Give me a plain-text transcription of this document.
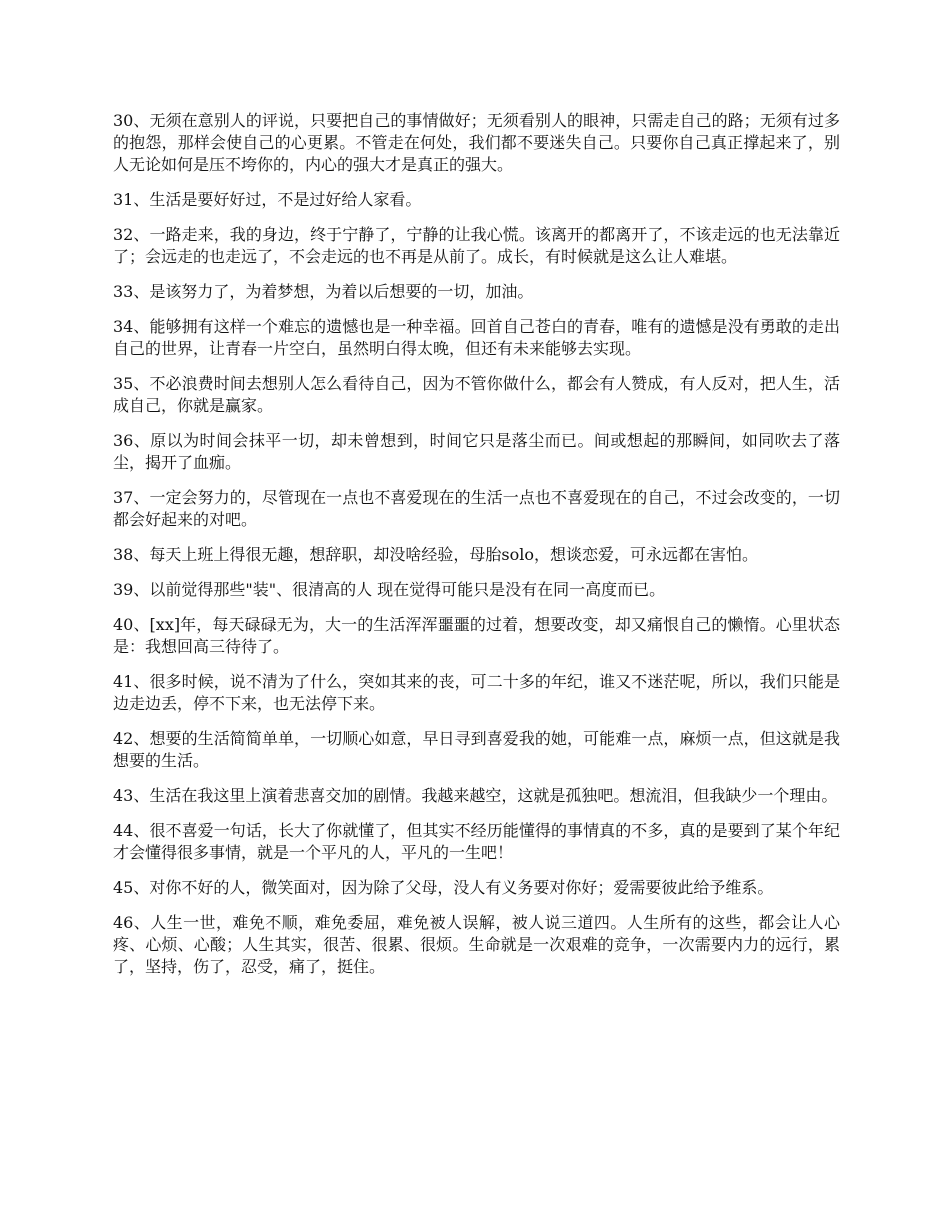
30、无须在意别人的评说，只要把自己的事情做好；无须看别人的眼神，只需走自己的路；无须有过多的抱怨，那样会使自己的心更累。不管走在何处，我们都不要迷失自己。只要你自己真正撑起来了，别人无论如何是压不垮你的，内心的强大才是真正的强大。

31、生活是要好好过，不是过好给人家看。

32、一路走来，我的身边，终于宁静了，宁静的让我心慌。该离开的都离开了，不该走远的也无法靠近了；会远走的也走远了，不会走远的也不再是从前了。成长，有时候就是这么让人难堪。

33、是该努力了，为着梦想，为着以后想要的一切，加油。

34、能够拥有这样一个难忘的遗憾也是一种幸福。回首自己苍白的青春，唯有的遗憾是没有勇敢的走出自己的世界，让青春一片空白，虽然明白得太晚，但还有未来能够去实现。

35、不必浪费时间去想别人怎么看待自己，因为不管你做什么，都会有人赞成，有人反对，把人生，活成自己，你就是赢家。

36、原以为时间会抹平一切，却未曾想到，时间它只是落尘而已。间或想起的那瞬间，如同吹去了落尘，揭开了血痂。

37、一定会努力的，尽管现在一点也不喜爱现在的生活一点也不喜爱现在的自己，不过会改变的，一切都会好起来的对吧。

38、每天上班上得很无趣，想辞职，却没啥经验，母胎solo，想谈恋爱，可永远都在害怕。

39、以前觉得那些"装"、很清高的人 现在觉得可能只是没有在同一高度而已。

40、[xx]年，每天碌碌无为，大一的生活浑浑噩噩的过着，想要改变，却又痛恨自己的懒惰。心里状态是：我想回高三待待了。

41、很多时候，说不清为了什么，突如其来的丧，可二十多的年纪，谁又不迷茫呢，所以，我们只能是边走边丢，停不下来，也无法停下来。

42、想要的生活简简单单，一切顺心如意，早日寻到喜爱我的她，可能难一点，麻烦一点，但这就是我想要的生活。

43、生活在我这里上演着悲喜交加的剧情。我越来越空，这就是孤独吧。想流泪，但我缺少一个理由。

44、很不喜爱一句话，长大了你就懂了，但其实不经历能懂得的事情真的不多，真的是要到了某个年纪才会懂得很多事情，就是一个平凡的人，平凡的一生吧！

45、对你不好的人，微笑面对，因为除了父母，没人有义务要对你好；爱需要彼此给予维系。

46、人生一世，难免不顺，难免委屈，难免被人误解，被人说三道四。人生所有的这些，都会让人心疼、心烦、心酸；人生其实，很苦、很累、很烦。生命就是一次艰难的竞争，一次需要内力的远行，累了，坚持，伤了，忍受，痛了，挺住。
